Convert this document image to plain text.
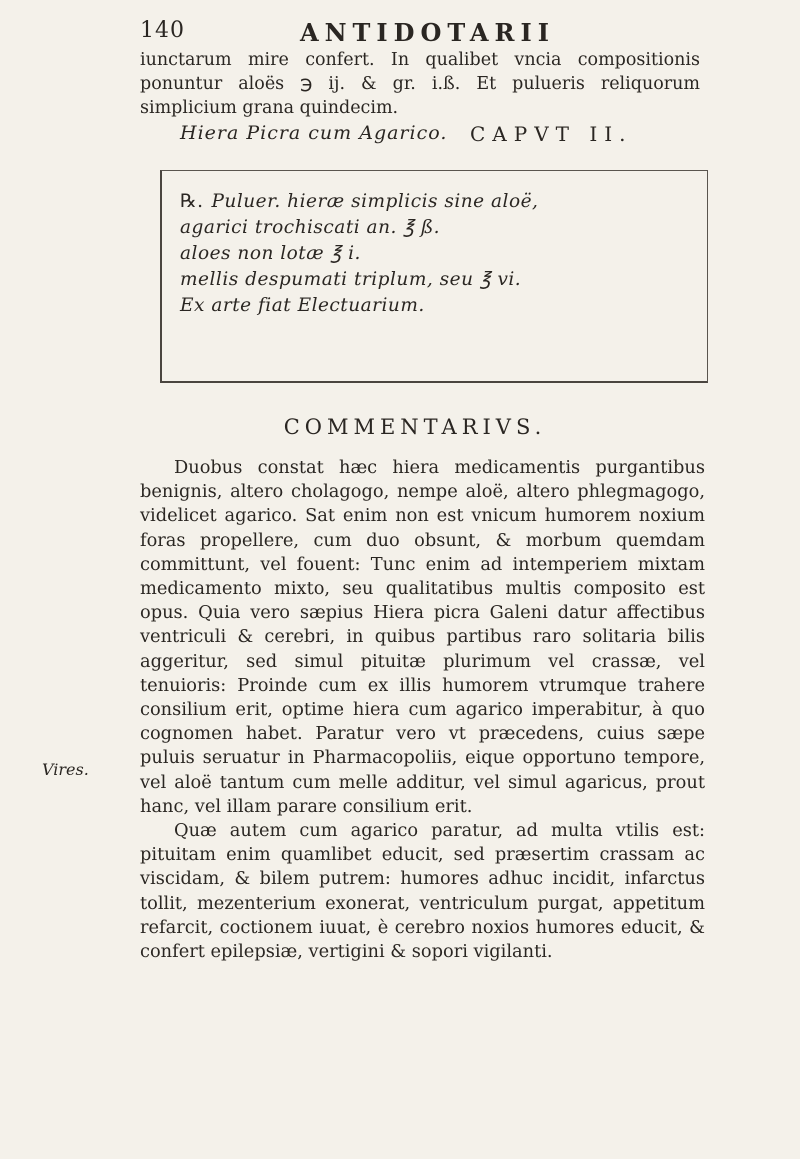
140	ANTIDOTARII

iunctarum mire confert. In qualibet vncia compositionis ponuntur aloës ℈ ij. & gr. i.ß. Et pulueris reliquorum simplicium grana quindecim.

Hiera Picra cum Agarico. CAPVT II.
℞. Puluer. hieræ simplicis sine aloë,
agarici trochiscati an. ℥ ß.
aloes non lotæ ℥ i.
mellis despumati triplum, seu ℥ vi.
Ex arte fiat Electuarium.
COMMENTARIVS.

Duobus constat hæc hiera medicamentis purgantibus benignis, altero cholagogo, nempe aloë, altero phlegmagogo, videlicet agarico. Sat enim non est vnicum humorem noxium foras propellere, cum duo obsunt, & morbum quemdam committunt, vel fouent: Tunc enim ad intemperiem mixtam medicamento mixto, seu qualitatibus multis composito est opus. Quia vero sæpius Hiera picra Galeni datur affectibus ventriculi & cerebri, in quibus partibus raro solitaria bilis aggeritur, sed simul pituitæ plurimum vel crassæ, vel tenuioris: Proinde cum ex illis humorem vtrumque trahere consilium erit, optime hiera cum agarico imperabitur, à quo cognomen habet. Paratur vero vt præcedens, cuius sæpe puluis seruatur in Pharmacopoliis, eique opportuno tempore, vel aloë tantum cum melle additur, vel simul agaricus, prout hanc, vel illam parare consilium erit.

Quæ autem cum agarico paratur, ad multa vtilis est: pituitam enim quamlibet educit, sed præsertim crassam ac viscidam, & bilem putrem: humores adhuc incidit, infarctus tollit, mezenterium exonerat, ventriculum purgat, appetitum refarcit, coctionem iuuat, è cerebro noxios humores educit, & confert epilepsiæ, vertigini & sopori vigilanti.

Vires.
